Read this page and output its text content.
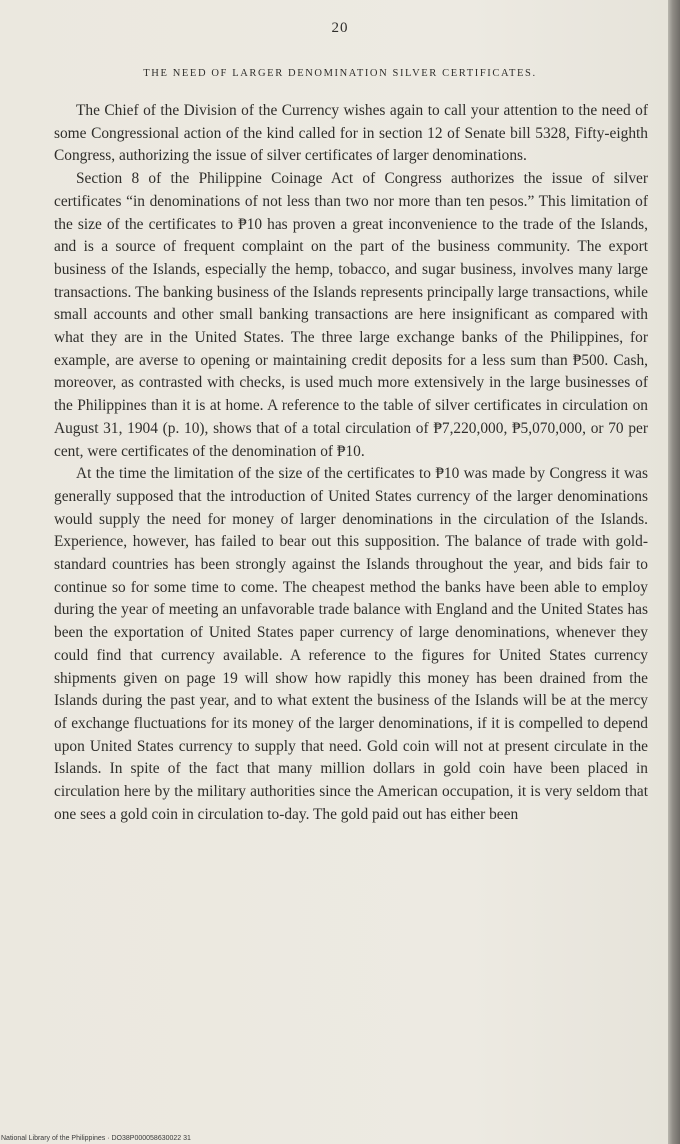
20
THE NEED OF LARGER DENOMINATION SILVER CERTIFICATES.

The Chief of the Division of the Currency wishes again to call your attention to the need of some Congressional action of the kind called for in section 12 of Senate bill 5328, Fifty-eighth Congress, authorizing the issue of silver certificates of larger denominations.

Section 8 of the Philippine Coinage Act of Congress authorizes the issue of silver certificates “in denominations of not less than two nor more than ten pesos.” This limitation of the size of the certificates to ₱10 has proven a great inconvenience to the trade of the Islands, and is a source of frequent complaint on the part of the business community. The export business of the Islands, especially the hemp, tobacco, and sugar business, involves many large transactions. The banking business of the Islands represents principally large transactions, while small accounts and other small banking transactions are here insignificant as compared with what they are in the United States. The three large exchange banks of the Philippines, for example, are averse to opening or maintaining credit deposits for a less sum than ₱500. Cash, moreover, as contrasted with checks, is used much more extensively in the large businesses of the Philippines than it is at home. A reference to the table of silver certificates in circulation on August 31, 1904 (p. 10), shows that of a total circulation of ₱7,220,000, ₱5,070,000, or 70 per cent, were certificates of the denomination of ₱10.

At the time the limitation of the size of the certificates to ₱10 was made by Congress it was generally supposed that the introduction of United States currency of the larger denominations would supply the need for money of larger denominations in the circulation of the Islands. Experience, however, has failed to bear out this supposition. The balance of trade with gold-standard countries has been strongly against the Islands throughout the year, and bids fair to continue so for some time to come. The cheapest method the banks have been able to employ during the year of meeting an unfavorable trade balance with England and the United States has been the exportation of United States paper currency of large denominations, whenever they could find that currency available. A reference to the figures for United States currency shipments given on page 19 will show how rapidly this money has been drained from the Islands during the past year, and to what extent the business of the Islands will be at the mercy of exchange fluctuations for its money of the larger denominations, if it is compelled to depend upon United States currency to supply that need. Gold coin will not at present circulate in the Islands. In spite of the fact that many million dollars in gold coin have been placed in circulation here by the military authorities since the American occupation, it is very seldom that one sees a gold coin in circulation to-day. The gold paid out has either been

National Library of the Philippines · DO38P000058630022 31
